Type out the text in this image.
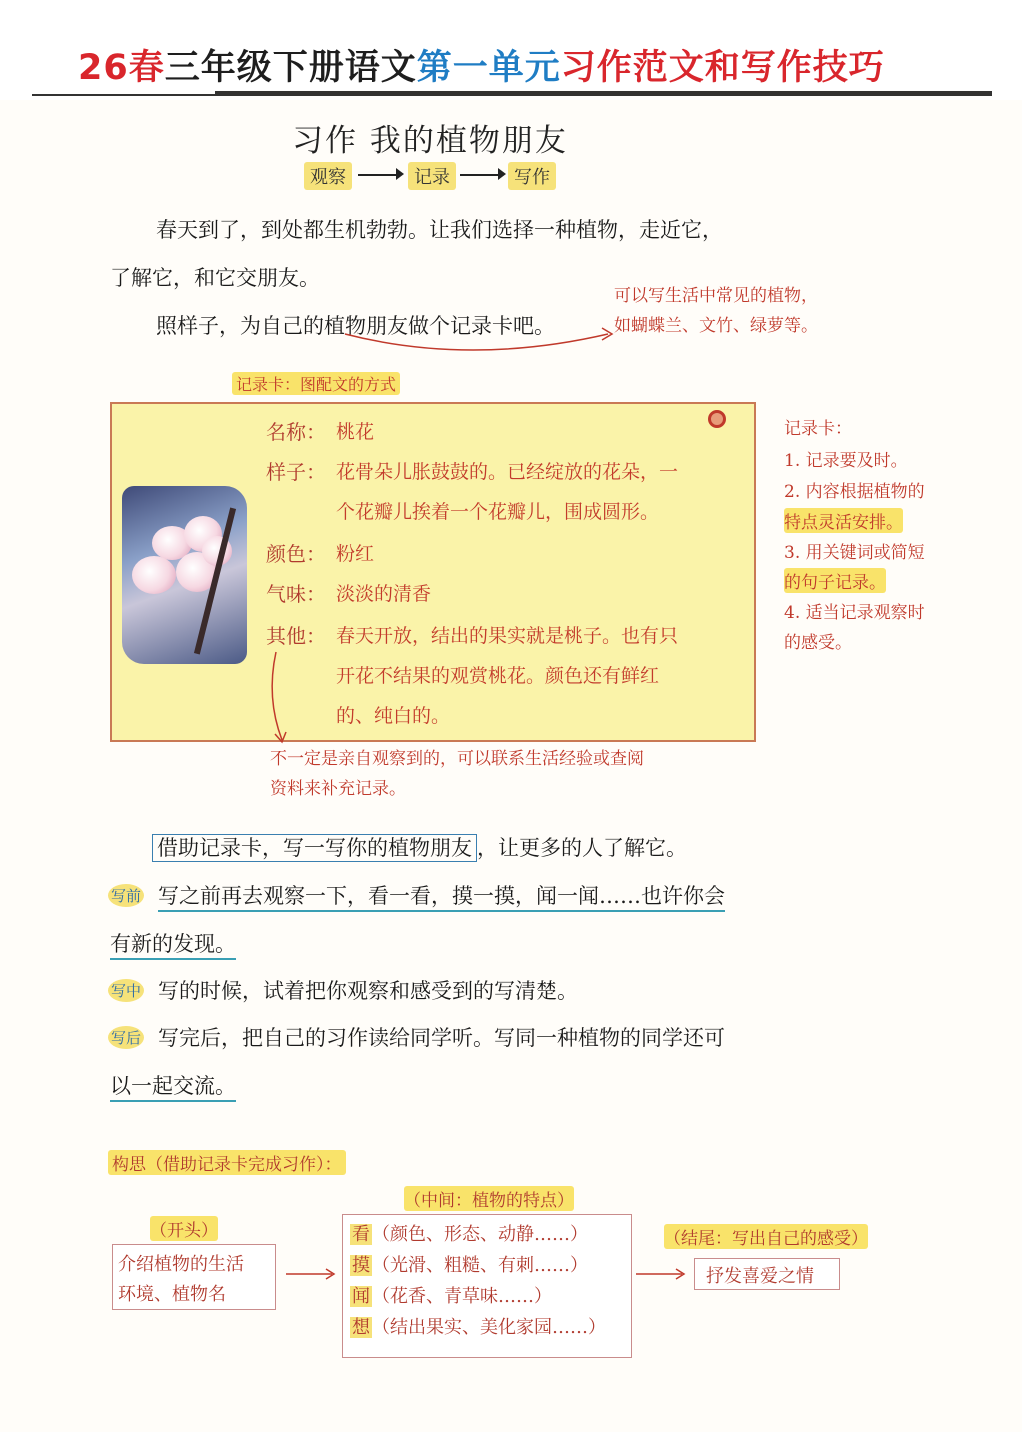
26春三年级下册语文第一单元习作范文和写作技巧
习作 我的植物朋友
观察	记录	写作
春天到了，到处都生机勃勃。让我们选择一种植物，走近它，
了解它，和它交朋友。
照样子，为自己的植物朋友做个记录卡吧。
可以写生活中常见的植物，
如蝴蝶兰、文竹、绿萝等。
记录卡：图配文的方式
名称： 桃花
样子： 花骨朵儿胀鼓鼓的。已经绽放的花朵，一
个花瓣儿挨着一个花瓣儿，围成圆形。
颜色： 粉红
气味： 淡淡的清香
其他： 春天开放，结出的果实就是桃子。也有只
开花不结果的观赏桃花。颜色还有鲜红
的、纯白的。
不一定是亲自观察到的，可以联系生活经验或查阅
资料来补充记录。
记录卡：
1. 记录要及时。
2. 内容根据植物的
特点灵活安排。
3. 用关键词或简短
的句子记录。
4. 适当记录观察时
的感受。
借助记录卡，写一写你的植物朋友 ，让更多的人了解它。
写前 写之前再去观察一下，看一看，摸一摸，闻一闻……也许你会
有新的发现。
写中 写的时候，试着把你观察和感受到的写清楚。
写后 写完后，把自己的习作读给同学听。写同一种植物的同学还可
以一起交流。
构思（借助记录卡完成习作）：
（开头）
介绍植物的生活
环境、植物名
（中间：植物的特点）
看 （颜色、形态、动静……）
摸 （光滑、粗糙、有刺……）
闻 （花香、青草味……）
想 （结出果实、美化家园……）
（结尾：写出自己的感受）
抒发喜爱之情
